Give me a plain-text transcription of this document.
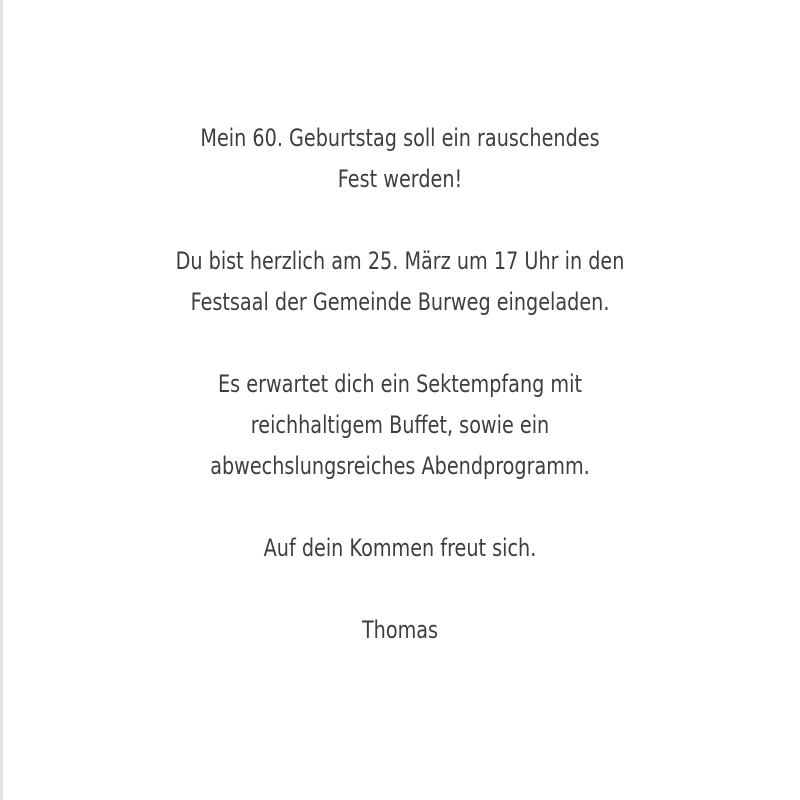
Mein 60. Geburtstag soll ein rauschendes
Fest werden!

Du bist herzlich am 25. März um 17 Uhr in den
Festsaal der Gemeinde Burweg eingeladen.

Es erwartet dich ein Sektempfang mit
reichhaltigem Buffet, sowie ein
abwechslungsreiches Abendprogramm.

Auf dein Kommen freut sich.

Thomas
